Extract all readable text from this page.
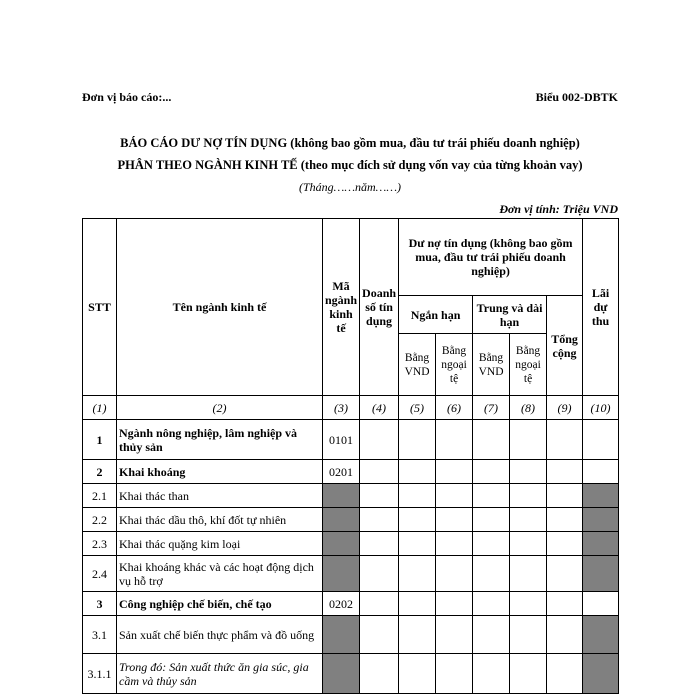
Đơn vị báo cáo:...	Biểu 002-DBTK
BÁO CÁO DƯ NỢ TÍN DỤNG (không bao gồm mua, đầu tư trái phiếu doanh nghiệp)
PHÂN THEO NGÀNH KINH TẾ (theo mục đích sử dụng vốn vay của từng khoản vay)
(Tháng……năm……)
Đơn vị tính: Triệu VND
STT	Tên ngành kinh tế	Mã ngành kinh tế	Doanh số tín dụng	Dư nợ tín dụng (không bao gồm mua, đầu tư trái phiếu doanh nghiệp)					Lãi dự thu
				Ngắn hạn		Trung và dài hạn		Tổng cộng	
				Bằng VND	Bằng ngoại tệ	Bằng VND	Bằng ngoại tệ		
(1)	(2)	(3)	(4)	(5)	(6)	(7)	(8)	(9)	(10)
1	Ngành nông nghiệp, lâm nghiệp và thủy sản	0101							
2	Khai khoáng	0201							
2.1	Khai thác than								
2.2	Khai thác dầu thô, khí đốt tự nhiên								
2.3	Khai thác quặng kim loại								
2.4	Khai khoáng khác và các hoạt động dịch vụ hỗ trợ								
3	Công nghiệp chế biến, chế tạo	0202							
3.1	Sản xuất chế biến thực phẩm và đồ uống								
3.1.1	Trong đó: Sản xuất thức ăn gia súc, gia cầm và thủy sản								
